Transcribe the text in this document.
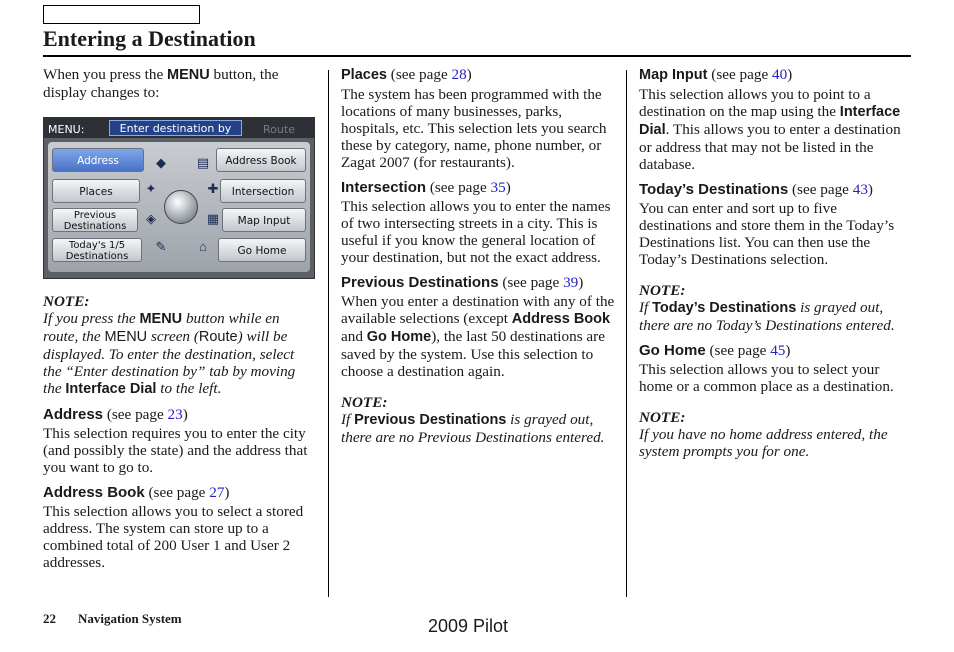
Entering a Destination

When you press the MENU button, the display changes to:

MENU:	Enter destination by	Route
Address
Places
Previous
Destinations
Today's 1/5
Destinations
Address Book
Intersection
Map Input
Go Home
◆	▤
✦	✚
◈	▦
✎	⌂

NOTE:

If you press the MENU button while en route, the MENU screen (Route) will be displayed. To enter the destination, select the “Enter destination by” tab by moving the Interface Dial to the left.

Address (see page 23)

This selection requires you to enter the city (and possibly the state) and the address that you want to go to.

Address Book (see page 27)

This selection allows you to select a stored address. The system can store up to a combined total of 200 User 1 and User 2 addresses.

Places (see page 28)

The system has been programmed with the locations of many businesses, parks, hospitals, etc. This selection lets you search these by category, name, phone number, or Zagat 2007 (for restaurants).

Intersection (see page 35)

This selection allows you to enter the names of two intersecting streets in a city. This is useful if you know the general location of your destination, but not the exact address.

Previous Destinations (see page 39)

When you enter a destination with any of the available selections (except Address Book and Go Home), the last 50 destinations are saved by the system. Use this selection to choose a destination again.

NOTE:

If Previous Destinations is grayed out, there are no Previous Destinations entered.

Map Input (see page 40)

This selection allows you to point to a destination on the map using the Interface Dial. This allows you to enter a destination or address that may not be listed in the database.

Today’s Destinations (see page 43)

You can enter and sort up to five destinations and store them in the Today’s Destinations list. You can then use the Today’s Destinations selection.

NOTE:

If Today’s Destinations is grayed out, there are no Today’s Destinations entered.

Go Home (see page 45)

This selection allows you to select your home or a common place as a destination.

NOTE:

If you have no home address entered, the system prompts you for one.

22 Navigation System	2009 Pilot
